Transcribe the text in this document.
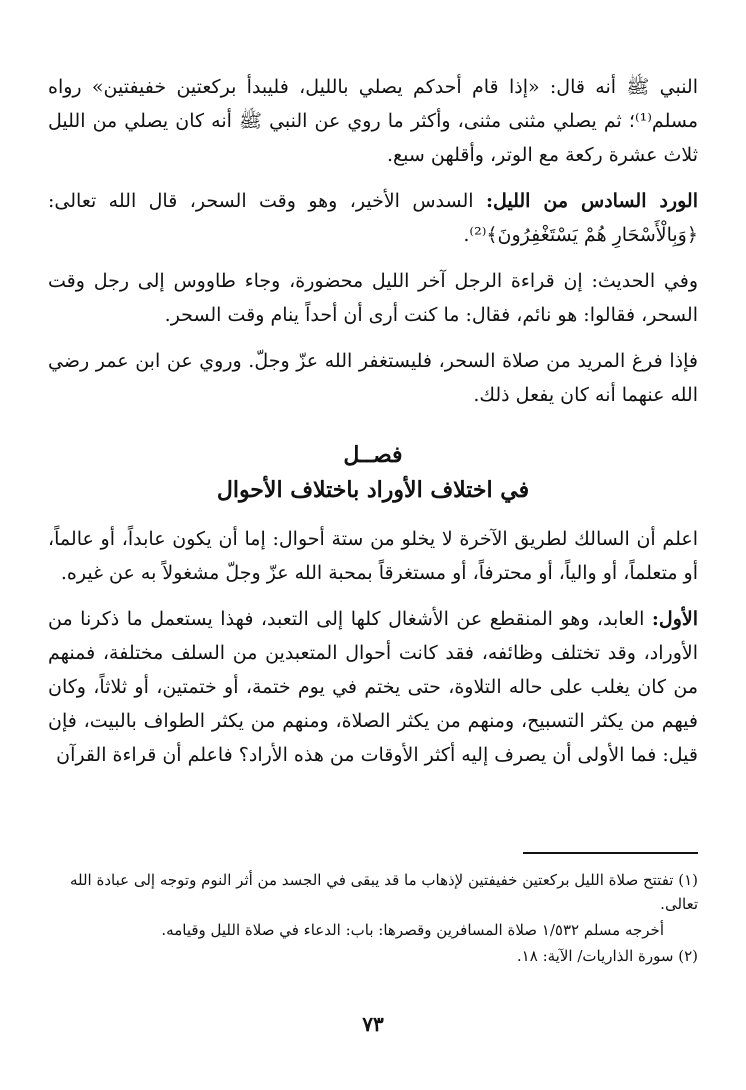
النبي ﷺ أنه قال: «إذا قام أحدكم يصلي بالليل، فليبدأ بركعتين خفيفتين» رواه مسلم⁽¹⁾؛ ثم يصلي مثنى مثنى، وأكثر ما روي عن النبي ﷺ أنه كان يصلي من الليل ثلاث عشرة ركعة مع الوتر، وأقلهن سبع.

الورد السادس من الليل: السدس الأخير، وهو وقت السحر، قال الله تعالى: ﴿وَبِالْأَسْحَارِ هُمْ يَسْتَغْفِرُونَ﴾⁽²⁾.

وفي الحديث: إن قراءة الرجل آخر الليل محضورة، وجاء طاووس إلى رجل وقت السحر، فقالوا: هو نائم، فقال: ما كنت أرى أن أحداً ينام وقت السحر.

فإذا فرغ المريد من صلاة السحر، فليستغفر الله عزّ وجلّ. وروي عن ابن عمر رضي الله عنهما أنه كان يفعل ذلك.

فصــل

في اختلاف الأوراد باختلاف الأحوال

اعلم أن السالك لطريق الآخرة لا يخلو من ستة أحوال: إما أن يكون عابداً، أو عالماً، أو متعلماً، أو والياً، أو محترفاً، أو مستغرقاً بمحبة الله عزّ وجلّ مشغولاً به عن غيره.

الأول: العابد، وهو المنقطع عن الأشغال كلها إلى التعبد، فهذا يستعمل ما ذكرنا من الأوراد، وقد تختلف وظائفه، فقد كانت أحوال المتعبدين من السلف مختلفة، فمنهم من كان يغلب على حاله التلاوة، حتى يختم في يوم ختمة، أو ختمتين، أو ثلاثاً، وكان فيهم من يكثر التسبيح، ومنهم من يكثر الصلاة، ومنهم من يكثر الطواف بالبيت، فإن قيل: فما الأولى أن يصرف إليه أكثر الأوقات من هذه الأراد؟ فاعلم أن قراءة القرآن

(١) تفتتح صلاة الليل بركعتين خفيفتين لإذهاب ما قد يبقى في الجسد من أثر النوم وتوجه إلى عبادة الله تعالى.

أخرجه مسلم ١/٥٣٢ صلاة المسافرين وقصرها: باب: الدعاء في صلاة الليل وقيامه.

(٢) سورة الذاريات/ الآية: ١٨.

٧٣
